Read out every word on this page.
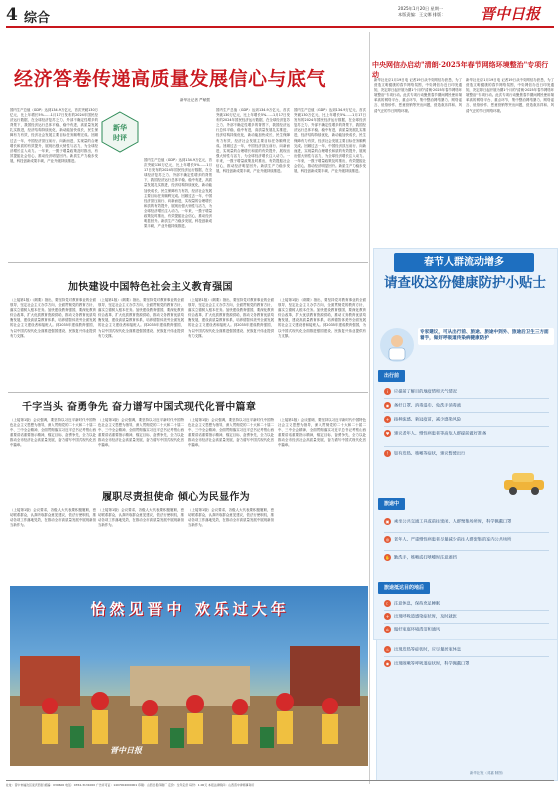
4 综合
2025年1月20日 星期一
本版责编：王文娜 排版： 晋中日报
经济答卷传递高质量发展信心与底气
新华社记者 严赋憬
新华
时评
国内生产总值（GDP）达到134.9万亿元，首次突破130万亿元，比上年增长5%……1月17日发布的2024年国民经济运行数据，在全球经济复苏乏力、外部不确定性增多的背景下，我国经济运行总体平稳、稳中有进，高质量发展扎实推进，经济结构持续优化，新动能加快成长，民生保障有力有效，经济社会发展主要目标任务顺利完成。回顾过去一年，中国经济顶压前行、向新而进，实现量的合理增长和质的有效提升，展现出强大韧性与活力，为全球经济增长注入动力。一年来，一揽子增量政策及时推出，有效提振社会信心，推动经济明显回升。新质生产力稳步发展，科技创新成果丰硕，产业升级持续推进。	国内生产总值（GDP）达到134.9万亿元，首次突破130万亿元，比上年增长5%……1月17日发布的2024年国民经济运行数据，在全球经济复苏乏力、外部不确定性增多的背景下，我国经济运行总体平稳、稳中有进，高质量发展扎实推进，经济结构持续优化，新动能加快成长，民生保障有力有效，经济社会发展主要目标任务顺利完成。回顾过去一年，中国经济顶压前行、向新而进，实现量的合理增长和质的有效提升，展现出强大韧性与活力，为全球经济增长注入动力。一年来，一揽子增量政策及时推出，有效提振社会信心，推动经济明显回升。新质生产力稳步发展，科技创新成果丰硕，产业升级持续推进。
国内生产总值（GDP）达到134.9万亿元，首次突破130万亿元，比上年增长5%……1月17日发布的2024年国民经济运行数据，在全球经济复苏乏力、外部不确定性增多的背景下，我国经济运行总体平稳、稳中有进，高质量发展扎实推进，经济结构持续优化，新动能加快成长，民生保障有力有效，经济社会发展主要目标任务顺利完成。回顾过去一年，中国经济顶压前行、向新而进，实现量的合理增长和质的有效提升，展现出强大韧性与活力，为全球经济增长注入动力。一年来，一揽子增量政策及时推出，有效提振社会信心，推动经济明显回升。新质生产力稳步发展，科技创新成果丰硕，产业升级持续推进。
国内生产总值（GDP）达到134.9万亿元，首次突破130万亿元，比上年增长5%……1月17日发布的2024年国民经济运行数据，在全球经济复苏乏力、外部不确定性增多的背景下，我国经济运行总体平稳、稳中有进，高质量发展扎实推进，经济结构持续优化，新动能加快成长，民生保障有力有效，经济社会发展主要目标任务顺利完成。回顾过去一年，中国经济顶压前行、向新而进，实现量的合理增长和质的有效提升，展现出强大韧性与活力，为全球经济增长注入动力。一年来，一揽子增量政策及时推出，有效提振社会信心，推动经济明显回升。新质生产力稳步发展，科技创新成果丰硕，产业升级持续推进。
中央网信办启动"清朗·2025年春节网络环境整治"专项行动
新华社北京1月19日电 记者19日从中央网信办获悉，为了营造文明健康的春节网络氛围，中央网信办近日印发通知，决定即日起开展为期1个月的"清朗·2025年春节网络环境整治"专项行动。此次专项行动聚焦春节期间网民使用频率高的网络平台、重点环节，集中整治网络暴力、网络谣言、低俗炒作、恶意营销等突出问题，营造欢乐祥和、风清气正的节日网络环境。
新华社北京1月19日电 记者19日从中央网信办获悉，为了营造文明健康的春节网络氛围，中央网信办近日印发通知，决定即日起开展为期1个月的"清朗·2025年春节网络环境整治"专项行动。此次专项行动聚焦春节期间网民使用频率高的网络平台、重点环节，集中整治网络暴力、网络谣言、低俗炒作、恶意营销等突出问题，营造欢乐祥和、风清气正的节日网络环境。
加快建设中国特色社会主义教育强国
（上接第1版）《纲要》指出，要坚持党对教育事业的全面领导，坚定社会主义办学方向，全面贯彻党的教育方针，落实立德树人根本任务。加快建设教育强国，要深化教育综合改革，扩大优质教育资源供给，推动义务教育优质均衡发展，建设高质量教育体系，培养德智体美劳全面发展的社会主义建设者和接班人。到2035年建成教育强国，为以中国式现代化全面推进强国建设、民族复兴伟业提供有力支撑。
（上接第1版）《纲要》指出，要坚持党对教育事业的全面领导，坚定社会主义办学方向，全面贯彻党的教育方针，落实立德树人根本任务。加快建设教育强国，要深化教育综合改革，扩大优质教育资源供给，推动义务教育优质均衡发展，建设高质量教育体系，培养德智体美劳全面发展的社会主义建设者和接班人。到2035年建成教育强国，为以中国式现代化全面推进强国建设、民族复兴伟业提供有力支撑。
（上接第1版）《纲要》指出，要坚持党对教育事业的全面领导，坚定社会主义办学方向，全面贯彻党的教育方针，落实立德树人根本任务。加快建设教育强国，要深化教育综合改革，扩大优质教育资源供给，推动义务教育优质均衡发展，建设高质量教育体系，培养德智体美劳全面发展的社会主义建设者和接班人。到2035年建成教育强国，为以中国式现代化全面推进强国建设、民族复兴伟业提供有力支撑。
（上接第1版）《纲要》指出，要坚持党对教育事业的全面领导，坚定社会主义办学方向，全面贯彻党的教育方针，落实立德树人根本任务。加快建设教育强国，要深化教育综合改革，扩大优质教育资源供给，推动义务教育优质均衡发展，建设高质量教育体系，培养德智体美劳全面发展的社会主义建设者和接班人。到2035年建成教育强国，为以中国式现代化全面推进强国建设、民族复兴伟业提供有力支撑。
千字当头 奋勇争先 奋力谱写中国式现代化晋中篇章
（上接第1版）会议强调，要坚持以习近平新时代中国特色社会主义思想为指导，深入贯彻党的二十大和二十届二中、三中全会精神，全面贯彻落实习近平总书记考察山西重要讲话重要指示精神，锚定目标、奋勇争先，全力以赴推动全市经济社会高质量发展，奋力谱写中国式现代化晋中篇章。
（上接第1版）会议强调，要坚持以习近平新时代中国特色社会主义思想为指导，深入贯彻党的二十大和二十届二中、三中全会精神，全面贯彻落实习近平总书记考察山西重要讲话重要指示精神，锚定目标、奋勇争先，全力以赴推动全市经济社会高质量发展，奋力谱写中国式现代化晋中篇章。
（上接第1版）会议强调，要坚持以习近平新时代中国特色社会主义思想为指导，深入贯彻党的二十大和二十届二中、三中全会精神，全面贯彻落实习近平总书记考察山西重要讲话重要指示精神，锚定目标、奋勇争先，全力以赴推动全市经济社会高质量发展，奋力谱写中国式现代化晋中篇章。
（上接第1版）会议强调，要坚持以习近平新时代中国特色社会主义思想为指导，深入贯彻党的二十大和二十届二中、三中全会精神，全面贯彻落实习近平总书记考察山西重要讲话重要指示精神，锚定目标、奋勇争先，全力以赴推动全市经济社会高质量发展，奋力谱写中国式现代化晋中篇章。
履职尽责担使命 倾心为民显作为
（上接第1版）会议要求，各级人大代表要积极履职，密切联系群众，认真听取群众意见建议，依法行使职权，推动各项工作落地见效，在推动全市高质量发展中展现新担当新作为。
（上接第1版）会议要求，各级人大代表要积极履职，密切联系群众，认真听取群众意见建议，依法行使职权，推动各项工作落地见效，在推动全市高质量发展中展现新担当新作为。
（上接第1版）会议要求，各级人大代表要积极履职，密切联系群众，认真听取群众意见建议，依法行使职权，推动各项工作落地见效，在推动全市高质量发展中展现新担当新作为。
怡然见晋中 欢乐过大年
晋中日报
春节人群流动增多
请查收这份健康防护小贴士
专家建议，可从出行前、旅途、旅途中到外、旅途后卫生三方面着手，做好呼吸道传染病健康防护
出行前
i 应提前了解目的地疫情和天气情况
◉ 备好口罩、消毒湿巾、免洗手消毒液
+ 接种流感、新冠疫苗，减少感染风险
♥ 建议老年人、慢性病患者等高危人群提前做好准备
! 如有发热、咳嗽等症状，建议暂缓出行
旅途中
▣ 乘坐公共交通工具或前往密闭、人群聚集场所时，科学佩戴口罩
◎ 老年人、严重慢性病患者尽量减少前往人群密集的室内公共场所
✋ 勤洗手，咳嗽或打喷嚏时注意遮挡
旅途抵达目的地后
☾ 注意休息，保持充足睡眠
+ 出现呼吸道感染症状时，及时就医
⌂ 做好家庭环境清洁和通风
♨ 出现发热等症状时，应尽量居家休息
◉ 出现咳嗽等呼吸道症状时，科学佩戴口罩
新华社发（邓嘉 制图）
社址：晋中市榆次区迎宾西街 邮编：030600 电话：0354-3131000 广告许可证：1407004000001 印刷：山西日报印刷厂 定价：全年定价 每份：1.00元 本报法律顾问：山西晋中律师事务所
